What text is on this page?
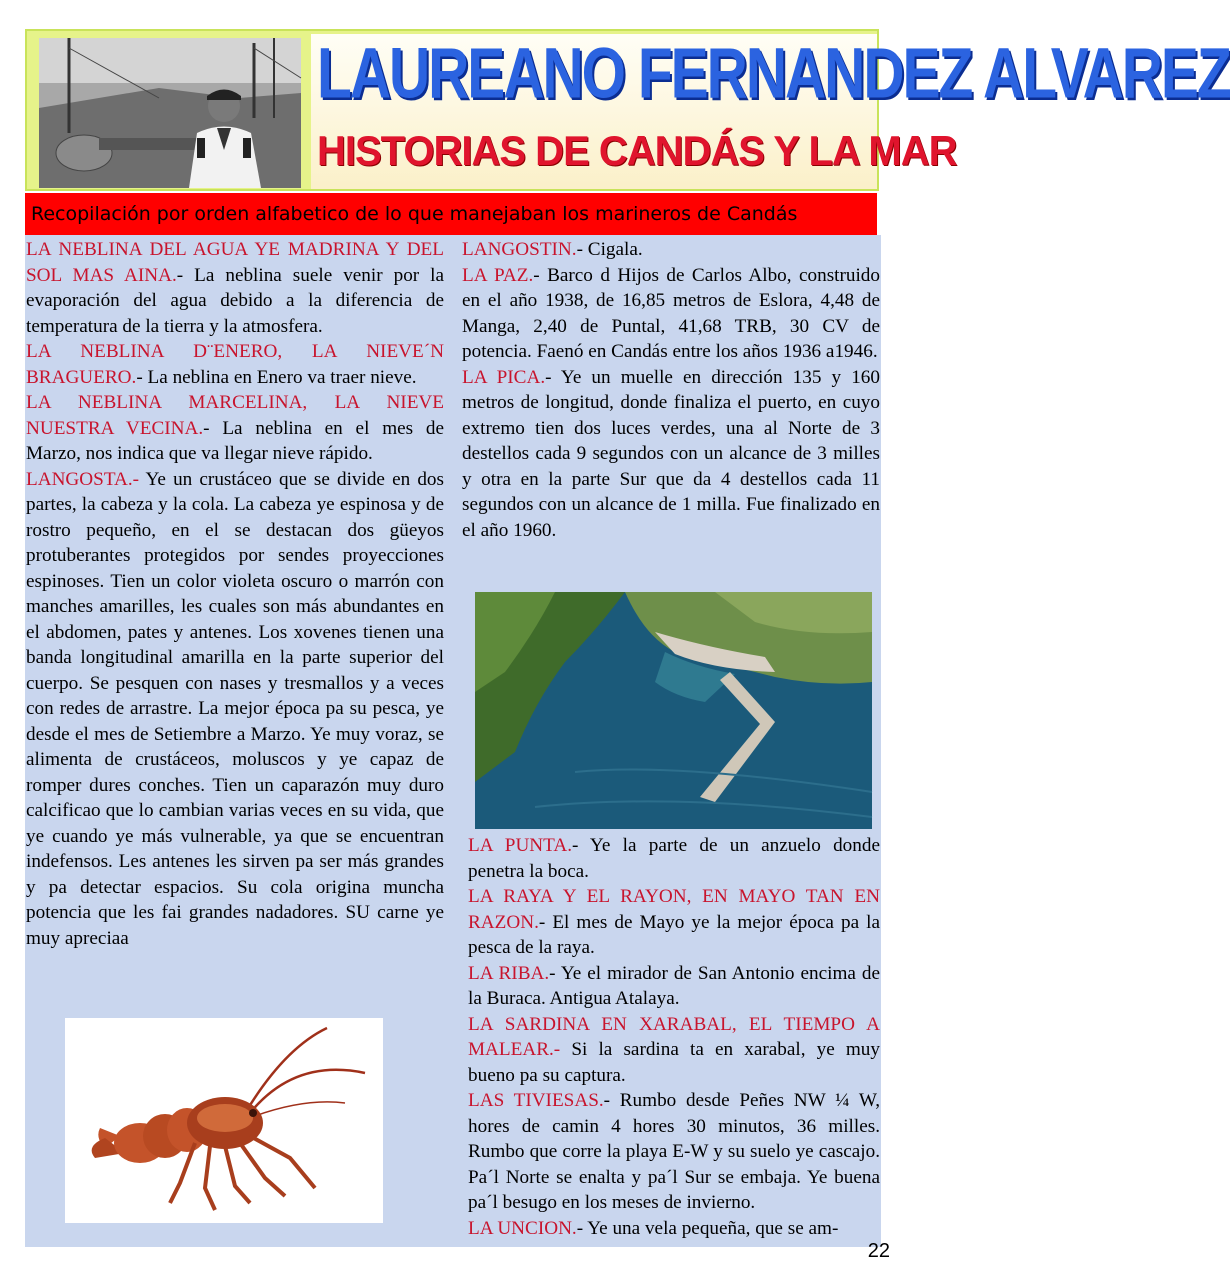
LAUREANO FERNANDEZ ALVAREZ
HISTORIAS DE CANDÁS Y LA MAR
Recopilación por orden alfabetico de lo que manejaban los marineros de Candás

LA NEBLINA DEL AGUA YE MADRINA Y DEL SOL MAS AINA.- La neblina suele venir por la evaporación del agua debido a la diferencia de temperatura de la tierra y la atmosfera.

LA NEBLINA D¨ENERO, LA NIEVE´N BRAGUERO.- La neblina en Enero va traer nieve.

LA NEBLINA MARCELINA, LA NIEVE NUESTRA VECINA.- La neblina en el mes de Marzo, nos indica que va llegar nieve rápido.

LANGOSTA.- Ye un crustáceo que se divide en dos partes, la cabeza y la cola. La cabeza ye espinosa y de rostro pequeño, en el se destacan dos güeyos protuberantes protegidos por sendes proyecciones espinoses. Tien un color violeta oscuro o marrón con manches amarilles, les cuales son más abundantes en el abdomen, pates y antenes. Los xovenes tienen una banda longitudinal amarilla en la parte superior del cuerpo. Se pesquen con nases y tresmallos y a veces con redes de arrastre. La mejor época pa su pesca, ye desde el mes de Setiembre a Marzo. Ye muy voraz, se alimenta de crustáceos, moluscos y ye capaz de romper dures conches. Tien un caparazón muy duro calcificao que lo cambian varias veces en su vida, que ye cuando ye más vulnerable, ya que se encuentran indefensos. Les antenes les sirven pa ser más grandes y pa detectar espacios. Su cola origina muncha potencia que les fai grandes nadadores. SU carne ye muy apreciaa

LANGOSTIN.- Cigala.

LA PAZ.- Barco d Hijos de Carlos Albo, construido en el año 1938, de 16,85 metros de Eslora, 4,48 de Manga, 2,40 de Puntal, 41,68 TRB, 30 CV de potencia. Faenó en Candás entre los años 1936 a1946.

LA PICA.- Ye un muelle en dirección 135 y 160 metros de longitud, donde finaliza el puerto, en cuyo extremo tien dos luces verdes, una al Norte de 3 destellos cada 9 segundos con un alcance de 3 milles y otra en la parte Sur que da 4 destellos cada 11 segundos con un alcance de 1 milla. Fue finalizado en el año 1960.

LA PUNTA.- Ye la parte de un anzuelo donde penetra la boca.

LA RAYA Y EL RAYON, EN MAYO TAN EN RAZON.- El mes de Mayo ye la mejor época pa la pesca de la raya.

LA RIBA.- Ye el mirador de San Antonio encima de la Buraca. Antigua Atalaya.

LA SARDINA EN XARABAL, EL TIEMPO A MALEAR.- Si la sardina ta en xarabal, ye muy bueno pa su captura.

LAS TIVIESAS.- Rumbo desde Peñes NW ¼ W, hores de camin 4 hores 30 minutos, 36 milles. Rumbo que corre la playa E-W y su suelo ye cascajo. Pa´l Norte se enalta y pa´l Sur se embaja. Ye buena pa´l besugo en los meses de invierno.

LA UNCION.- Ye una vela pequeña, que se am-

22
